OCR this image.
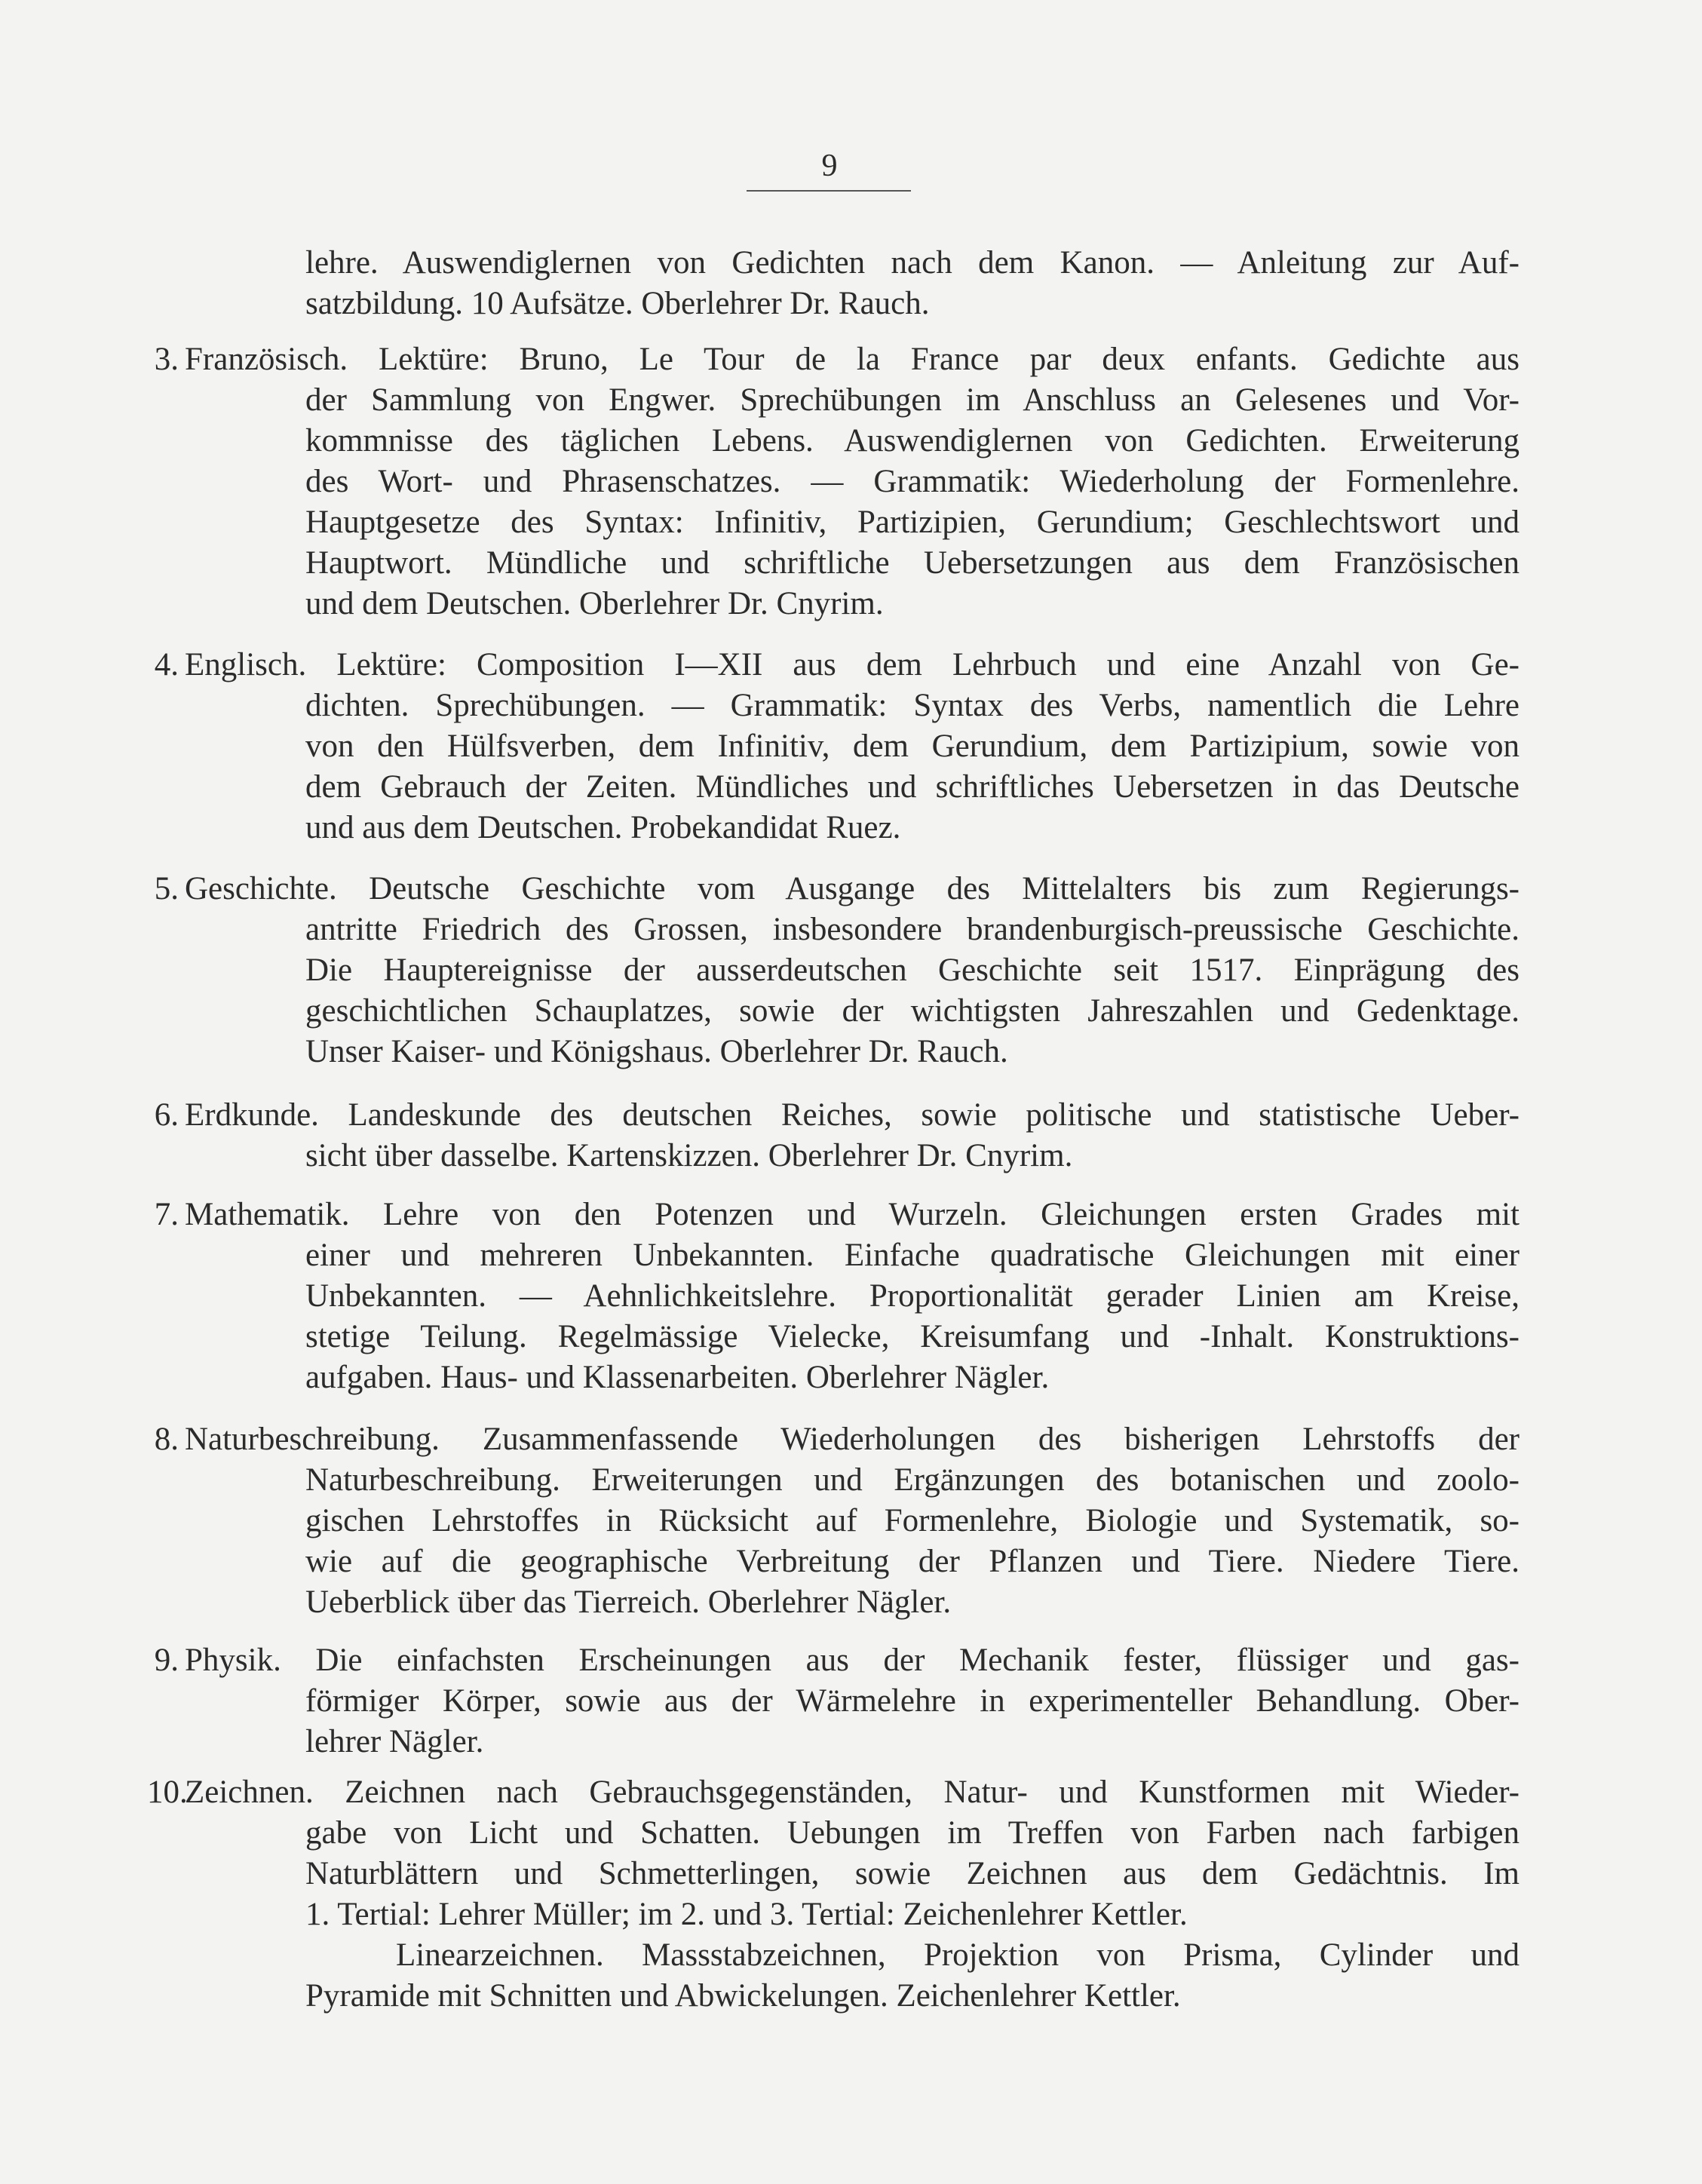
9
lehre. Auswendiglernen von Gedichten nach dem Kanon. — Anleitung zur Auf-
satzbildung. 10 Aufsätze. Oberlehrer Dr. Rauch.
3. Französisch. Lektüre: Bruno, Le Tour de la France par deux enfants. Gedichte aus
der Sammlung von Engwer. Sprechübungen im Anschluss an Gelesenes und Vor-
kommnisse des täglichen Lebens. Auswendiglernen von Gedichten. Erweiterung
des Wort- und Phrasenschatzes. — Grammatik: Wiederholung der Formenlehre.
Hauptgesetze des Syntax: Infinitiv, Partizipien, Gerundium; Geschlechtswort und
Hauptwort. Mündliche und schriftliche Uebersetzungen aus dem Französischen
und dem Deutschen. Oberlehrer Dr. Cnyrim.
4. Englisch. Lektüre: Composition I—XII aus dem Lehrbuch und eine Anzahl von Ge-
dichten. Sprechübungen. — Grammatik: Syntax des Verbs, namentlich die Lehre
von den Hülfsverben, dem Infinitiv, dem Gerundium, dem Partizipium, sowie von
dem Gebrauch der Zeiten. Mündliches und schriftliches Uebersetzen in das Deutsche
und aus dem Deutschen. Probekandidat Ruez.
5. Geschichte. Deutsche Geschichte vom Ausgange des Mittelalters bis zum Regierungs-
antritte Friedrich des Grossen, insbesondere brandenburgisch-preussische Geschichte.
Die Hauptereignisse der ausserdeutschen Geschichte seit 1517. Einprägung des
geschichtlichen Schauplatzes, sowie der wichtigsten Jahreszahlen und Gedenktage.
Unser Kaiser- und Königshaus. Oberlehrer Dr. Rauch.
6. Erdkunde. Landeskunde des deutschen Reiches, sowie politische und statistische Ueber-
sicht über dasselbe. Kartenskizzen. Oberlehrer Dr. Cnyrim.
7. Mathematik. Lehre von den Potenzen und Wurzeln. Gleichungen ersten Grades mit
einer und mehreren Unbekannten. Einfache quadratische Gleichungen mit einer
Unbekannten. — Aehnlichkeitslehre. Proportionalität gerader Linien am Kreise,
stetige Teilung. Regelmässige Vielecke, Kreisumfang und -Inhalt. Konstruktions-
aufgaben. Haus- und Klassenarbeiten. Oberlehrer Nägler.
8. Naturbeschreibung. Zusammenfassende Wiederholungen des bisherigen Lehrstoffs der
Naturbeschreibung. Erweiterungen und Ergänzungen des botanischen und zoolo-
gischen Lehrstoffes in Rücksicht auf Formenlehre, Biologie und Systematik, so-
wie auf die geographische Verbreitung der Pflanzen und Tiere. Niedere Tiere.
Ueberblick über das Tierreich. Oberlehrer Nägler.
9. Physik. Die einfachsten Erscheinungen aus der Mechanik fester, flüssiger und gas-
förmiger Körper, sowie aus der Wärmelehre in experimenteller Behandlung. Ober-
lehrer Nägler.
10.
Zeichnen. Zeichnen nach Gebrauchsgegenständen, Natur- und Kunstformen mit Wieder-
gabe von Licht und Schatten. Uebungen im Treffen von Farben nach farbigen
Naturblättern und Schmetterlingen, sowie Zeichnen aus dem Gedächtnis. Im
1. Tertial: Lehrer Müller; im 2. und 3. Tertial: Zeichenlehrer Kettler.
Linearzeichnen. Massstabzeichnen, Projektion von Prisma, Cylinder und
Pyramide mit Schnitten und Abwickelungen. Zeichenlehrer Kettler.
